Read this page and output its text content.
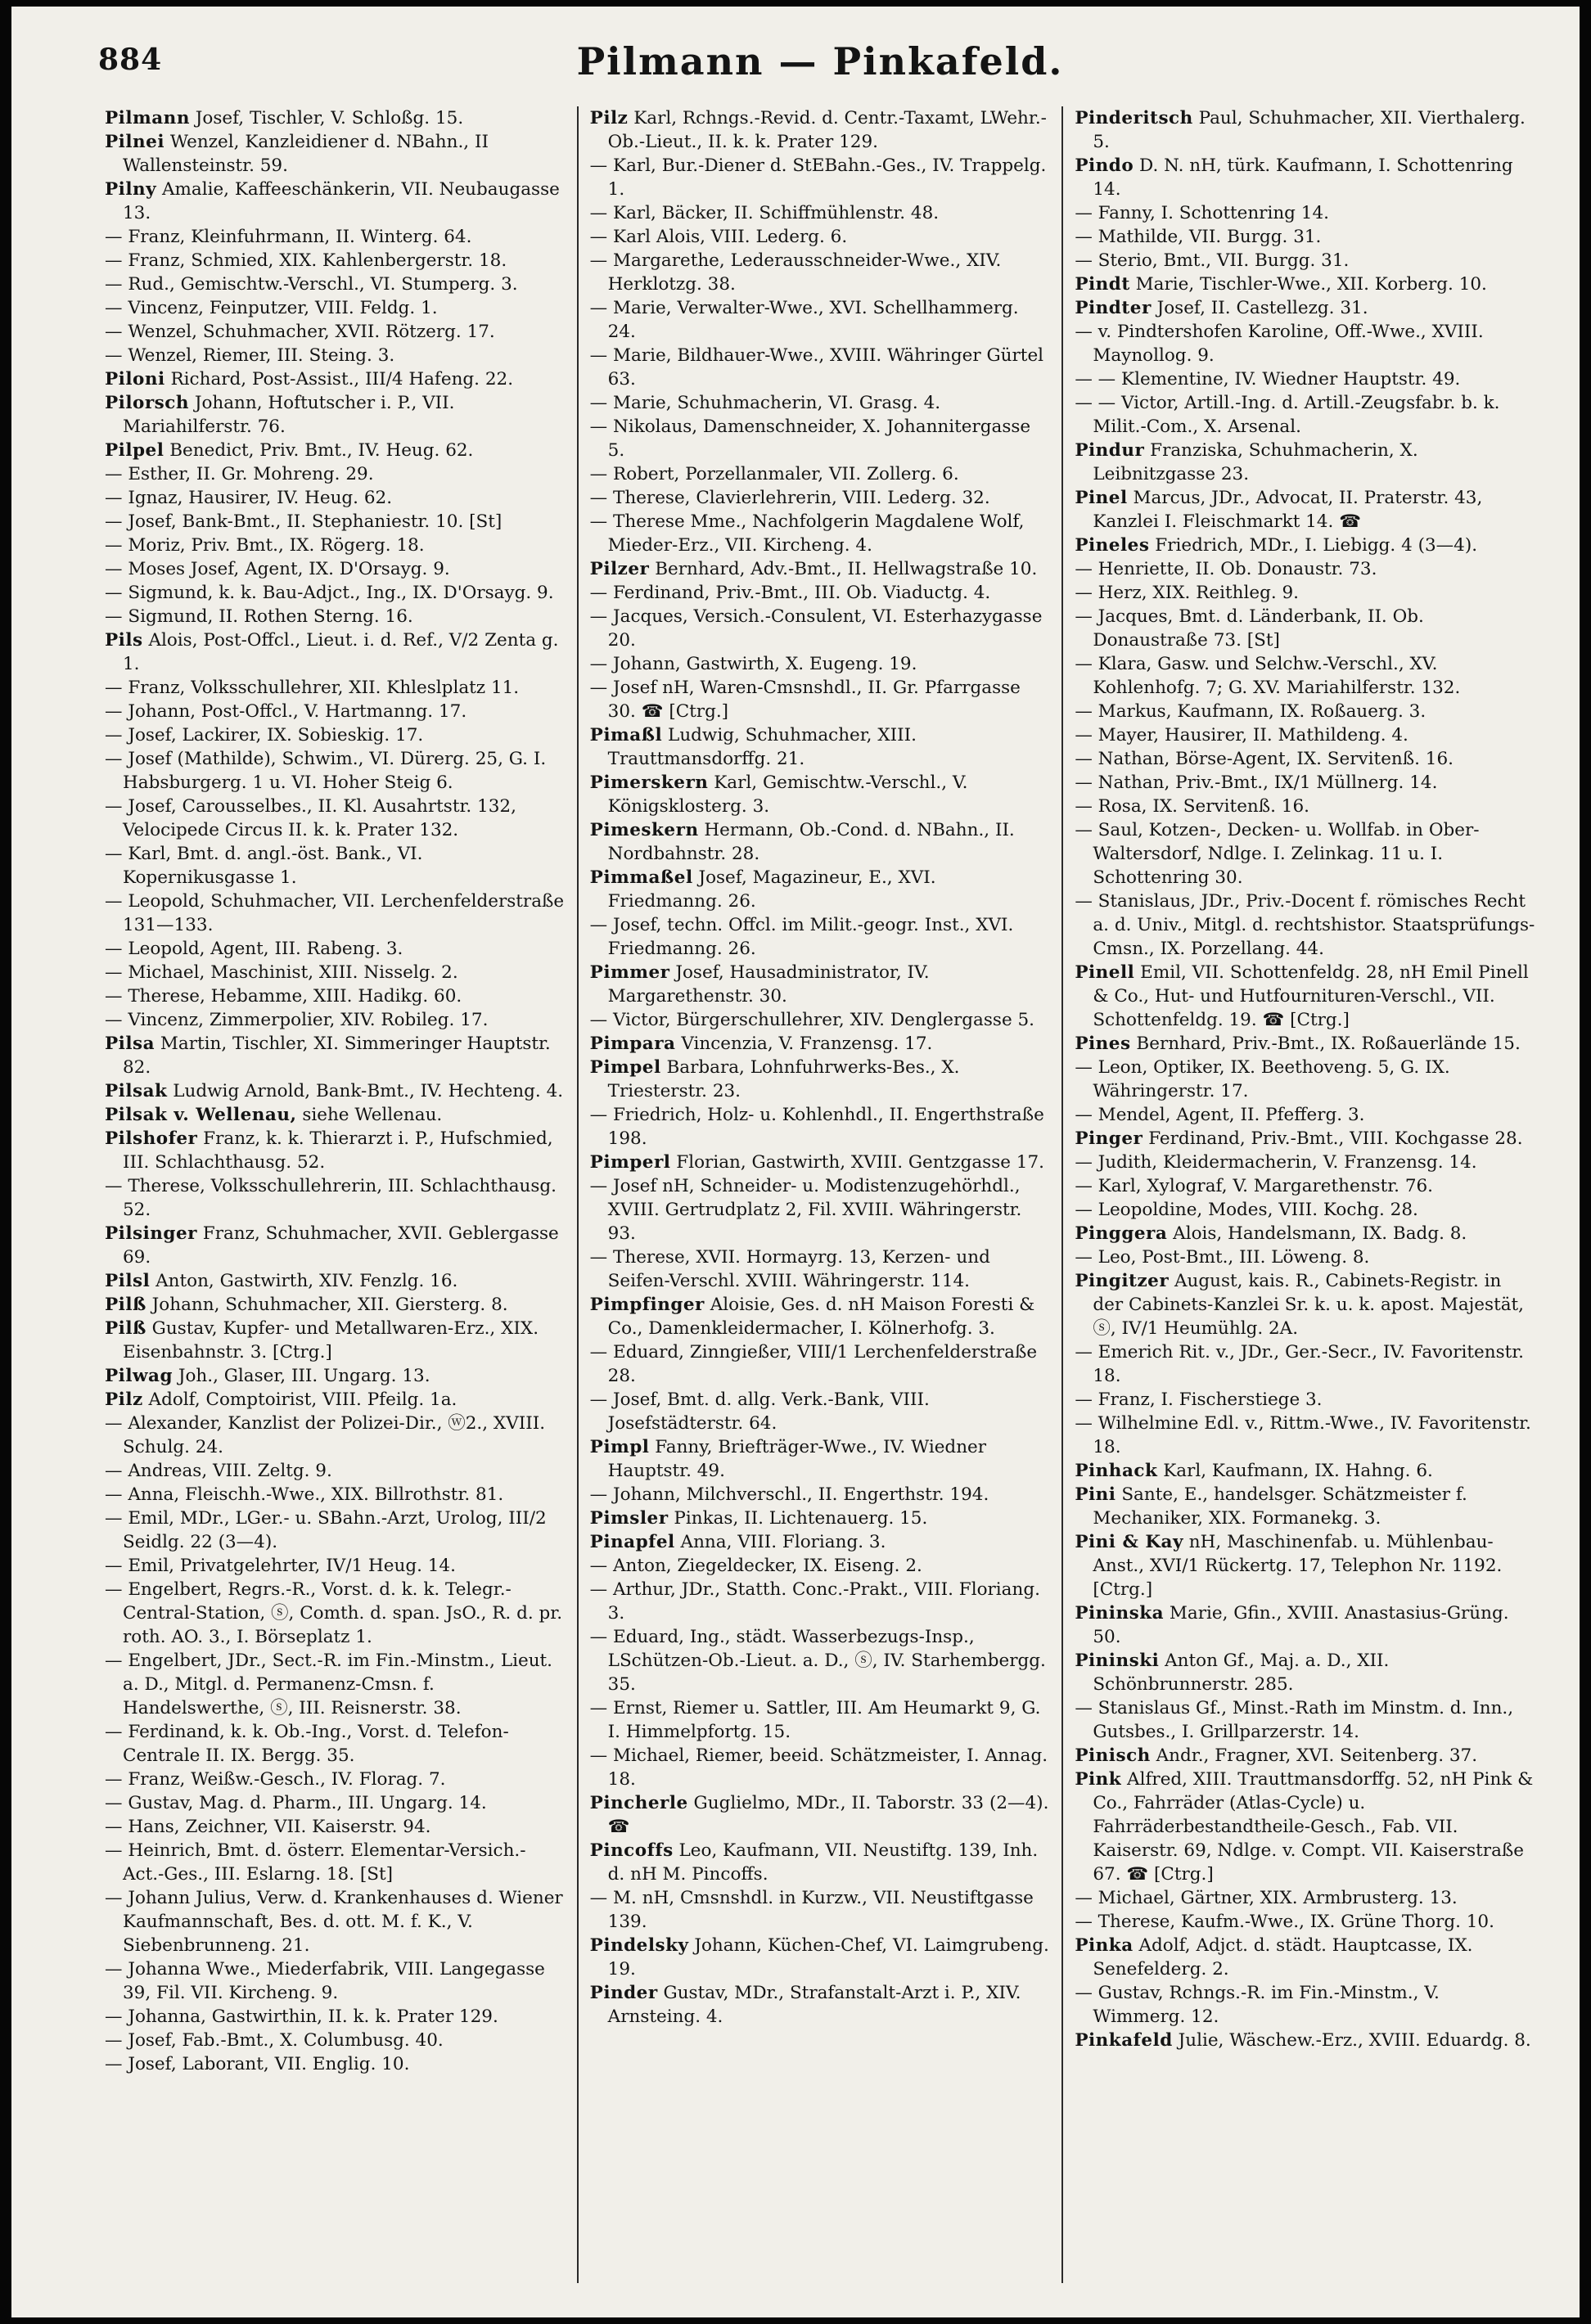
884	Pilmann — Pinkafeld.

Pilmann Josef, Tischler, V. Schloßg. 15.

Pilnei Wenzel, Kanzleidiener d. NBahn., II Wallensteinstr. 59.

Pilny Amalie, Kaffeeschänkerin, VII. Neubaugasse 13.

— Franz, Kleinfuhrmann, II. Winterg. 64.

— Franz, Schmied, XIX. Kahlenbergerstr. 18.

— Rud., Gemischtw.-Verschl., VI. Stumperg. 3.

— Vincenz, Feinputzer, VIII. Feldg. 1.

— Wenzel, Schuhmacher, XVII. Rötzerg. 17.

— Wenzel, Riemer, III. Steing. 3.

Piloni Richard, Post-Assist., III/4 Hafeng. 22.

Pilorsch Johann, Hoftutscher i. P., VII. Mariahilferstr. 76.

Pilpel Benedict, Priv. Bmt., IV. Heug. 62.

— Esther, II. Gr. Mohreng. 29.

— Ignaz, Hausirer, IV. Heug. 62.

— Josef, Bank-Bmt., II. Stephaniestr. 10. [St]

— Moriz, Priv. Bmt., IX. Rögerg. 18.

— Moses Josef, Agent, IX. D'Orsayg. 9.

— Sigmund, k. k. Bau-Adjct., Ing., IX. D'Orsayg. 9.

— Sigmund, II. Rothen Sterng. 16.

Pils Alois, Post-Offcl., Lieut. i. d. Ref., V/2 Zenta g. 1.

— Franz, Volksschullehrer, XII. Khleslplatz 11.

— Johann, Post-Offcl., V. Hartmanng. 17.

— Josef, Lackirer, IX. Sobieskig. 17.

— Josef (Mathilde), Schwim., VI. Dürerg. 25, G. I. Habsburgerg. 1 u. VI. Hoher Steig 6.

— Josef, Carousselbes., II. Kl. Ausahrtstr. 132, Velocipede Circus II. k. k. Prater 132.

— Karl, Bmt. d. angl.-öst. Bank., VI. Kopernikusgasse 1.

— Leopold, Schuhmacher, VII. Lerchenfelderstraße 131—133.

— Leopold, Agent, III. Rabeng. 3.

— Michael, Maschinist, XIII. Nisselg. 2.

— Therese, Hebamme, XIII. Hadikg. 60.

— Vincenz, Zimmerpolier, XIV. Robileg. 17.

Pilsa Martin, Tischler, XI. Simmeringer Hauptstr. 82.

Pilsak Ludwig Arnold, Bank-Bmt., IV. Hechteng. 4.

Pilsak v. Wellenau, siehe Wellenau.

Pilshofer Franz, k. k. Thierarzt i. P., Hufschmied, III. Schlachthausg. 52.

— Therese, Volksschullehrerin, III. Schlachthausg. 52.

Pilsinger Franz, Schuhmacher, XVII. Geblergasse 69.

Pilsl Anton, Gastwirth, XIV. Fenzlg. 16.

Pilß Johann, Schuhmacher, XII. Giersterg. 8.

Pilß Gustav, Kupfer- und Metallwaren-Erz., XIX. Eisenbahnstr. 3. [Ctrg.]

Pilwag Joh., Glaser, III. Ungarg. 13.

Pilz Adolf, Comptoirist, VIII. Pfeilg. 1a.

— Alexander, Kanzlist der Polizei-Dir., ⓦ2., XVIII. Schulg. 24.

— Andreas, VIII. Zeltg. 9.

— Anna, Fleischh.-Wwe., XIX. Billrothstr. 81.

— Emil, MDr., LGer.- u. SBahn.-Arzt, Urolog, III/2 Seidlg. 22 (3—4).

— Emil, Privatgelehrter, IV/1 Heug. 14.

— Engelbert, Regrs.-R., Vorst. d. k. k. Telegr.-Central-Station, ⓢ, Comth. d. span. JsO., R. d. pr. roth. AO. 3., I. Börseplatz 1.

— Engelbert, JDr., Sect.-R. im Fin.-Minstm., Lieut. a. D., Mitgl. d. Permanenz-Cmsn. f. Handelswerthe, ⓢ, III. Reisnerstr. 38.

— Ferdinand, k. k. Ob.-Ing., Vorst. d. Telefon-Centrale II. IX. Bergg. 35.

— Franz, Weißw.-Gesch., IV. Florag. 7.

— Gustav, Mag. d. Pharm., III. Ungarg. 14.

— Hans, Zeichner, VII. Kaiserstr. 94.

— Heinrich, Bmt. d. österr. Elementar-Versich.-Act.-Ges., III. Eslarng. 18. [St]

— Johann Julius, Verw. d. Krankenhauses d. Wiener Kaufmannschaft, Bes. d. ott. M. f. K., V. Siebenbrunneng. 21.

— Johanna Wwe., Miederfabrik, VIII. Langegasse 39, Fil. VII. Kircheng. 9.

— Johanna, Gastwirthin, II. k. k. Prater 129.

— Josef, Fab.-Bmt., X. Columbusg. 40.

— Josef, Laborant, VII. Englig. 10.

Pilz Karl, Rchngs.-Revid. d. Centr.-Taxamt, LWehr.-Ob.-Lieut., II. k. k. Prater 129.

— Karl, Bur.-Diener d. StEBahn.-Ges., IV. Trappelg. 1.

— Karl, Bäcker, II. Schiffmühlenstr. 48.

— Karl Alois, VIII. Lederg. 6.

— Margarethe, Lederausschneider-Wwe., XIV. Herklotzg. 38.

— Marie, Verwalter-Wwe., XVI. Schellhammerg. 24.

— Marie, Bildhauer-Wwe., XVIII. Währinger Gürtel 63.

— Marie, Schuhmacherin, VI. Grasg. 4.

— Nikolaus, Damenschneider, X. Johannitergasse 5.

— Robert, Porzellanmaler, VII. Zollerg. 6.

— Therese, Clavierlehrerin, VIII. Lederg. 32.

— Therese Mme., Nachfolgerin Magdalene Wolf, Mieder-Erz., VII. Kircheng. 4.

Pilzer Bernhard, Adv.-Bmt., II. Hellwagstraße 10.

— Ferdinand, Priv.-Bmt., III. Ob. Viaductg. 4.

— Jacques, Versich.-Consulent, VI. Esterhazygasse 20.

— Johann, Gastwirth, X. Eugeng. 19.

— Josef nH, Waren-Cmsnshdl., II. Gr. Pfarrgasse 30. ☎ [Ctrg.]

Pimaßl Ludwig, Schuhmacher, XIII. Trauttmansdorffg. 21.

Pimerskern Karl, Gemischtw.-Verschl., V. Königsklosterg. 3.

Pimeskern Hermann, Ob.-Cond. d. NBahn., II. Nordbahnstr. 28.

Pimmaßel Josef, Magazineur, E., XVI. Friedmanng. 26.

— Josef, techn. Offcl. im Milit.-geogr. Inst., XVI. Friedmanng. 26.

Pimmer Josef, Hausadministrator, IV. Margarethenstr. 30.

— Victor, Bürgerschullehrer, XIV. Denglergasse 5.

Pimpara Vincenzia, V. Franzensg. 17.

Pimpel Barbara, Lohnfuhrwerks-Bes., X. Triesterstr. 23.

— Friedrich, Holz- u. Kohlenhdl., II. Engerthstraße 198.

Pimperl Florian, Gastwirth, XVIII. Gentzgasse 17.

— Josef nH, Schneider- u. Modistenzugehörhdl., XVIII. Gertrudplatz 2, Fil. XVIII. Währingerstr. 93.

— Therese, XVII. Hormayrg. 13, Kerzen- und Seifen-Verschl. XVIII. Währingerstr. 114.

Pimpfinger Aloisie, Ges. d. nH Maison Foresti & Co., Damenkleidermacher, I. Kölnerhofg. 3.

— Eduard, Zinngießer, VIII/1 Lerchenfelderstraße 28.

— Josef, Bmt. d. allg. Verk.-Bank, VIII. Josefstädterstr. 64.

Pimpl Fanny, Briefträger-Wwe., IV. Wiedner Hauptstr. 49.

— Johann, Milchverschl., II. Engerthstr. 194.

Pimsler Pinkas, II. Lichtenauerg. 15.

Pinapfel Anna, VIII. Floriang. 3.

— Anton, Ziegeldecker, IX. Eiseng. 2.

— Arthur, JDr., Statth. Conc.-Prakt., VIII. Floriang. 3.

— Eduard, Ing., städt. Wasserbezugs-Insp., LSchützen-Ob.-Lieut. a. D., ⓢ, IV. Starhembergg. 35.

— Ernst, Riemer u. Sattler, III. Am Heumarkt 9, G. I. Himmelpfortg. 15.

— Michael, Riemer, beeid. Schätzmeister, I. Annag. 18.

Pincherle Guglielmo, MDr., II. Taborstr. 33 (2—4). ☎

Pincoffs Leo, Kaufmann, VII. Neustiftg. 139, Inh. d. nH M. Pincoffs.

— M. nH, Cmsnshdl. in Kurzw., VII. Neustiftgasse 139.

Pindelsky Johann, Küchen-Chef, VI. Laimgrubeng. 19.

Pinder Gustav, MDr., Strafanstalt-Arzt i. P., XIV. Arnsteing. 4.

Pinderitsch Paul, Schuhmacher, XII. Vierthalerg. 5.

Pindo D. N. nH, türk. Kaufmann, I. Schottenring 14.

— Fanny, I. Schottenring 14.

— Mathilde, VII. Burgg. 31.

— Sterio, Bmt., VII. Burgg. 31.

Pindt Marie, Tischler-Wwe., XII. Korberg. 10.

Pindter Josef, II. Castellezg. 31.

— v. Pindtershofen Karoline, Off.-Wwe., XVIII. Maynollog. 9.

— — Klementine, IV. Wiedner Hauptstr. 49.

— — Victor, Artill.-Ing. d. Artill.-Zeugsfabr. b. k. Milit.-Com., X. Arsenal.

Pindur Franziska, Schuhmacherin, X. Leibnitzgasse 23.

Pinel Marcus, JDr., Advocat, II. Praterstr. 43, Kanzlei I. Fleischmarkt 14. ☎

Pineles Friedrich, MDr., I. Liebigg. 4 (3—4).

— Henriette, II. Ob. Donaustr. 73.

— Herz, XIX. Reithleg. 9.

— Jacques, Bmt. d. Länderbank, II. Ob. Donaustraße 73. [St]

— Klara, Gasw. und Selchw.-Verschl., XV. Kohlenhofg. 7; G. XV. Mariahilferstr. 132.

— Markus, Kaufmann, IX. Roßauerg. 3.

— Mayer, Hausirer, II. Mathildeng. 4.

— Nathan, Börse-Agent, IX. Servitenß. 16.

— Nathan, Priv.-Bmt., IX/1 Müllnerg. 14.

— Rosa, IX. Servitenß. 16.

— Saul, Kotzen-, Decken- u. Wollfab. in Ober-Waltersdorf, Ndlge. I. Zelinkag. 11 u. I. Schottenring 30.

— Stanislaus, JDr., Priv.-Docent f. römisches Recht a. d. Univ., Mitgl. d. rechtshistor. Staatsprüfungs-Cmsn., IX. Porzellang. 44.

Pinell Emil, VII. Schottenfeldg. 28, nH Emil Pinell & Co., Hut- und Hutfournituren-Verschl., VII. Schottenfeldg. 19. ☎ [Ctrg.]

Pines Bernhard, Priv.-Bmt., IX. Roßauerlände 15.

— Leon, Optiker, IX. Beethoveng. 5, G. IX. Währingerstr. 17.

— Mendel, Agent, II. Pfefferg. 3.

Pinger Ferdinand, Priv.-Bmt., VIII. Kochgasse 28.

— Judith, Kleidermacherin, V. Franzensg. 14.

— Karl, Xylograf, V. Margarethenstr. 76.

— Leopoldine, Modes, VIII. Kochg. 28.

Pinggera Alois, Handelsmann, IX. Badg. 8.

— Leo, Post-Bmt., III. Löweng. 8.

Pingitzer August, kais. R., Cabinets-Registr. in der Cabinets-Kanzlei Sr. k. u. k. apost. Majestät, ⓢ, IV/1 Heumühlg. 2A.

— Emerich Rit. v., JDr., Ger.-Secr., IV. Favoritenstr. 18.

— Franz, I. Fischerstiege 3.

— Wilhelmine Edl. v., Rittm.-Wwe., IV. Favoritenstr. 18.

Pinhack Karl, Kaufmann, IX. Hahng. 6.

Pini Sante, E., handelsger. Schätzmeister f. Mechaniker, XIX. Formanekg. 3.

Pini & Kay nH, Maschinenfab. u. Mühlenbau-Anst., XVI/1 Rückertg. 17, Telephon Nr. 1192. [Ctrg.]

Pininska Marie, Gfin., XVIII. Anastasius-Grüng. 50.

Pininski Anton Gf., Maj. a. D., XII. Schönbrunnerstr. 285.

— Stanislaus Gf., Minst.-Rath im Minstm. d. Inn., Gutsbes., I. Grillparzerstr. 14.

Pinisch Andr., Fragner, XVI. Seitenberg. 37.

Pink Alfred, XIII. Trauttmansdorffg. 52, nH Pink & Co., Fahrräder (Atlas-Cycle) u. Fahrräderbestandtheile-Gesch., Fab. VII. Kaiserstr. 69, Ndlge. v. Compt. VII. Kaiserstraße 67. ☎ [Ctrg.]

— Michael, Gärtner, XIX. Armbrusterg. 13.

— Therese, Kaufm.-Wwe., IX. Grüne Thorg. 10.

Pinka Adolf, Adjct. d. städt. Hauptcasse, IX. Senefelderg. 2.

— Gustav, Rchngs.-R. im Fin.-Minstm., V. Wimmerg. 12.

Pinkafeld Julie, Wäschew.-Erz., XVIII. Eduardg. 8.
